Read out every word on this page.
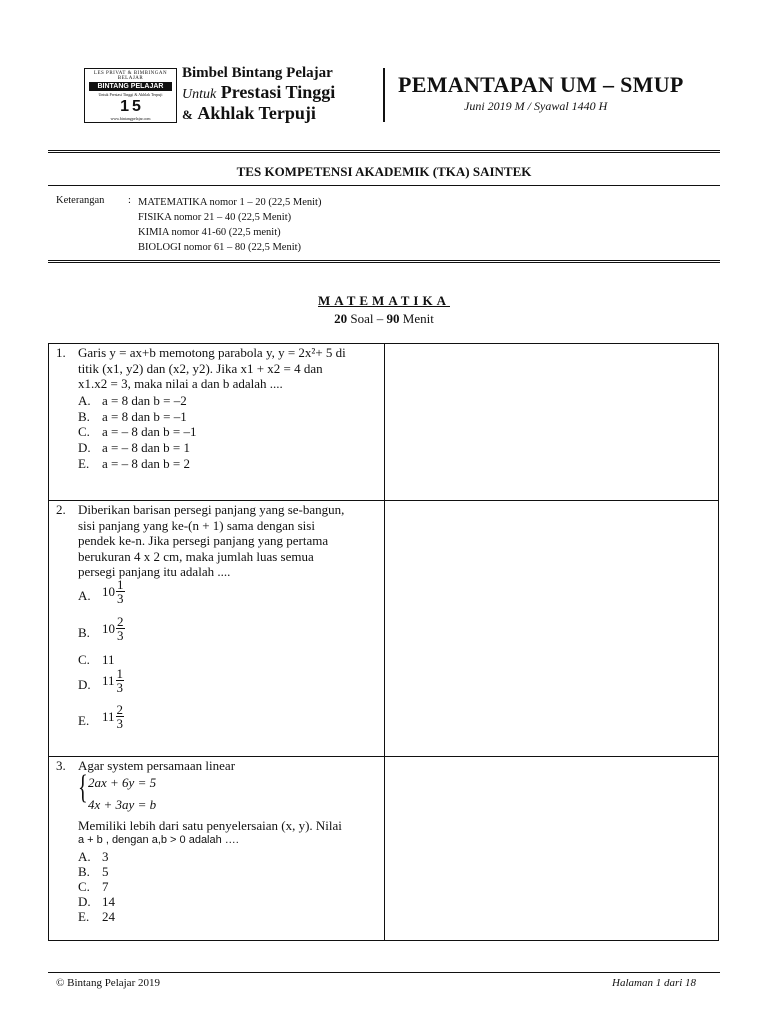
LES PRIVAT & BIMBINGAN BELAJAR
BINTANG PELAJAR
Untuk Prestasi Tinggi & Akhlak Terpuji
1 5
www.bintangpelajar.com
Bimbel Bintang Pelajar
Untuk Prestasi Tinggi
& Akhlak Terpuji
PEMANTAPAN UM – SMUP
Juni 2019 M / Syawal 1440 H
TES KOMPETENSI AKADEMIK (TKA) SAINTEK
Keterangan : MATEMATIKA nomor 1 – 20 (22,5 Menit)
FISIKA nomor 21 – 40 (22,5 Menit)
KIMIA nomor 41-60 (22,5 menit)
BIOLOGI nomor 61 – 80 (22,5 Menit)
MATEMATIKA
20 Soal – 90 Menit
1. Garis y = ax+b memotong parabola y, y = 2x²+ 5 di
titik (x1, y2) dan (x2, y2). Jika x1 + x2 = 4 dan
x1.x2 = 3, maka nilai a dan b adalah ....
A. a = 8 dan b = –2
B. a = 8 dan b = –1
C. a = – 8 dan b = –1
D. a = – 8 dan b = 1
E. a = – 8 dan b = 2
2. Diberikan barisan persegi panjang yang se-bangun,
sisi panjang yang ke-(n + 1) sama dengan sisi
pendek ke-n. Jika persegi panjang yang pertama
berukuran 4 x 2 cm, maka jumlah luas semua
persegi panjang itu adalah ....
A. $10 \frac{1}{3}$
B. $10 \frac{2}{3}$
C. 11
D. $11 \frac{1}{3}$
E. $11 \frac{2}{3}$
3. Agar system persamaan linear
{ 2ax + 6y = 5
4x + 3ay = b
Memiliki lebih dari satu penyelersaian (x, y). Nilai
a + b , dengan a,b > 0 adalah ….
A. 3
B. 5
C. 7
D. 14
E. 24
© Bintang Pelajar 2019	Halaman 1 dari 18
